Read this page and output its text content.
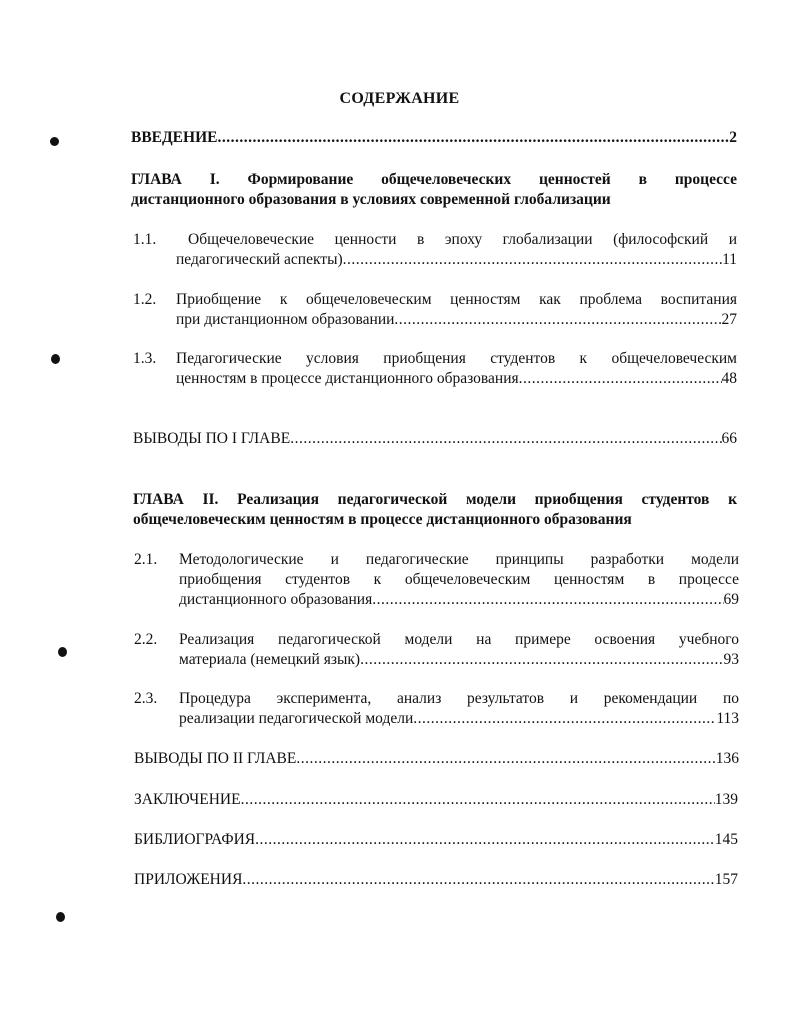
СОДЕРЖАНИЕ
ВВЕДЕНИЕ .....	2
ГЛАВА I. Формирование общечеловеческих ценностей в процессе
дистанционного образования в условиях современной глобализации
1.1. Общечеловеческие ценности в эпоху глобализации (философский и
педагогический аспекты) .....	11
1.2. Приобщение к общечеловеческим ценностям как проблема воспитания
при дистанционном образовании .....	27
1.3. Педагогические условия приобщения студентов к общечеловеческим
ценностям в процессе дистанционного образования .....	48
ВЫВОДЫ ПО I ГЛАВЕ .....	66
ГЛАВА II. Реализация педагогической модели приобщения студентов к
общечеловеческим ценностям в процессе дистанционного образования
2.1. Методологические и педагогические принципы разработки модели
приобщения студентов к общечеловеческим ценностям в процессе
дистанционного образования .....	69
2.2. Реализация педагогической модели на примере освоения учебного
материала (немецкий язык) .....	93
2.3. Процедура эксперимента, анализ результатов и рекомендации по
реализации педагогической модели .....	113
ВЫВОДЫ ПО II ГЛАВЕ .....	136
ЗАКЛЮЧЕНИЕ .....	139
БИБЛИОГРАФИЯ .....	145
ПРИЛОЖЕНИЯ .....	157
